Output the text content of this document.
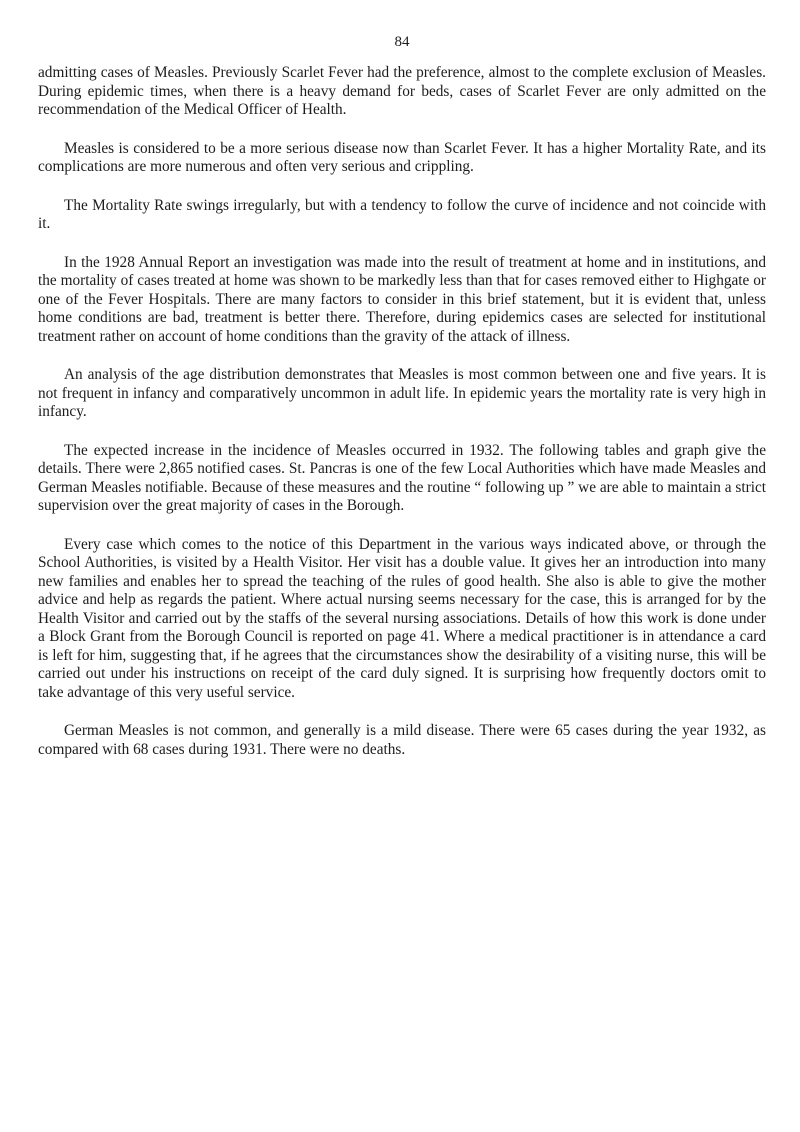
84

admitting cases of Measles. Previously Scarlet Fever had the preference, almost to the complete exclusion of Measles. During epidemic times, when there is a heavy demand for beds, cases of Scarlet Fever are only admitted on the recommendation of the Medical Officer of Health.

Measles is considered to be a more serious disease now than Scarlet Fever. It has a higher Mortality Rate, and its complications are more numerous and often very serious and crippling.

The Mortality Rate swings irregularly, but with a tendency to follow the curve of incidence and not coincide with it.

In the 1928 Annual Report an investigation was made into the result of treatment at home and in institutions, and the mortality of cases treated at home was shown to be markedly less than that for cases removed either to Highgate or one of the Fever Hospitals. There are many factors to consider in this brief statement, but it is evident that, unless home conditions are bad, treatment is better there. Therefore, during epidemics cases are selected for institutional treatment rather on account of home conditions than the gravity of the attack of illness.

An analysis of the age distribution demonstrates that Measles is most common between one and five years. It is not frequent in infancy and comparatively uncommon in adult life. In epidemic years the mortality rate is very high in infancy.

The expected increase in the incidence of Measles occurred in 1932. The following tables and graph give the details. There were 2,865 notified cases. St. Pancras is one of the few Local Authorities which have made Measles and German Measles notifiable. Because of these measures and the routine “ following up ” we are able to maintain a strict supervision over the great majority of cases in the Borough.

Every case which comes to the notice of this Department in the various ways indicated above, or through the School Authorities, is visited by a Health Visitor. Her visit has a double value. It gives her an introduction into many new families and enables her to spread the teaching of the rules of good health. She also is able to give the mother advice and help as regards the patient. Where actual nursing seems necessary for the case, this is arranged for by the Health Visitor and carried out by the staffs of the several nursing associations. Details of how this work is done under a Block Grant from the Borough Council is reported on page 41. Where a medical practitioner is in attendance a card is left for him, suggesting that, if he agrees that the circumstances show the desirability of a visiting nurse, this will be carried out under his instructions on receipt of the card duly signed. It is surprising how frequently doctors omit to take advantage of this very useful service.

German Measles is not common, and generally is a mild disease. There were 65 cases during the year 1932, as compared with 68 cases during 1931. There were no deaths.
